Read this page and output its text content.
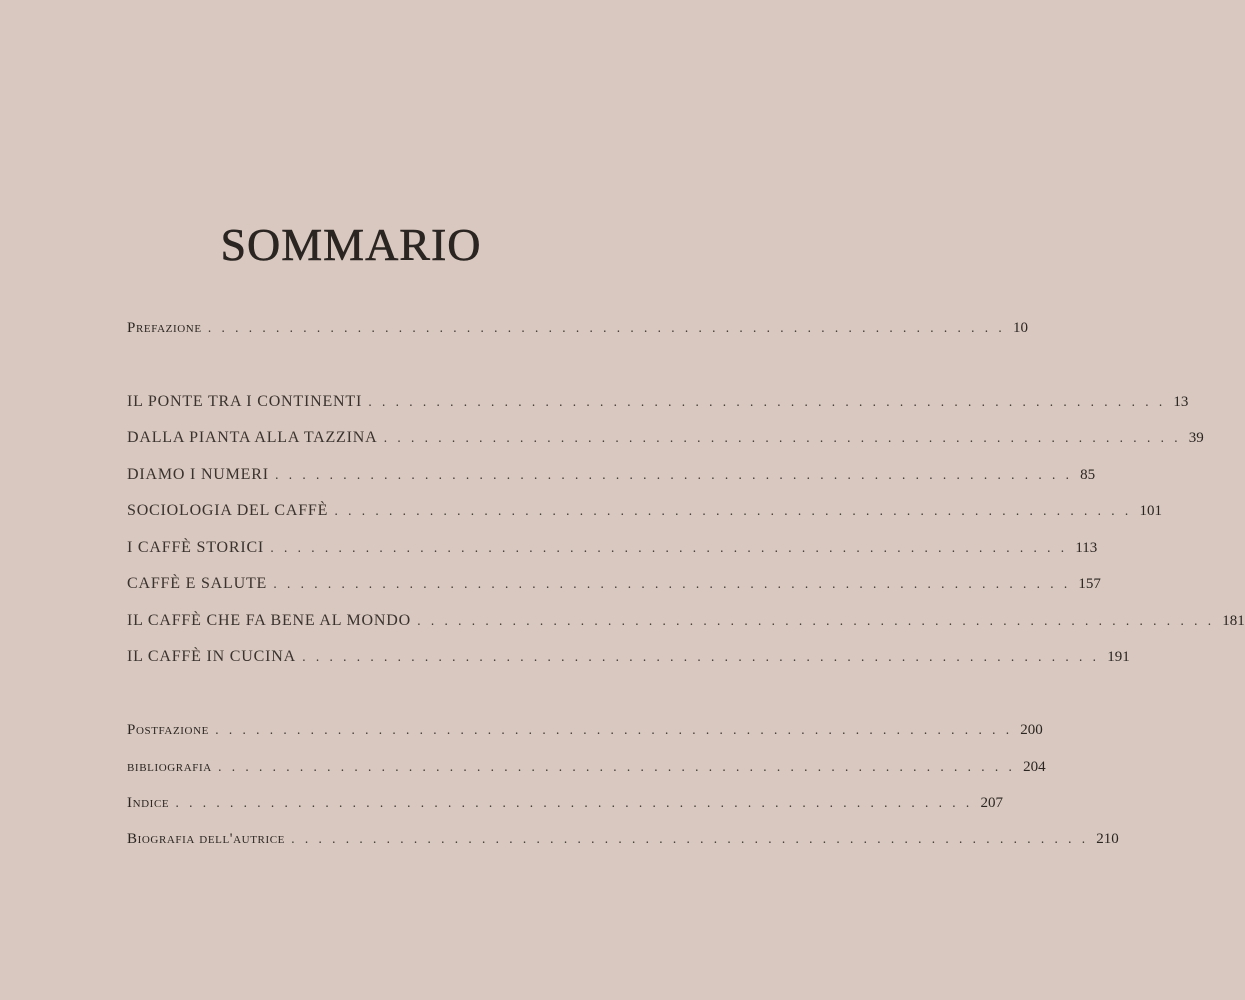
SOMMARIO
Prefazione . . . . . . . . . . . . . . . . . . . . . . . . . . . . . . . . . . . . . . . . . . . . . . . . . . . . . . . . . . . 10
IL PONTE TRA I CONTINENTI . . . . . . . . . . . . . . . . . . . . . . . . . . . . . . . . . . . . . . . . . . . . . . . . . . . . . . . . . . . 13
DALLA PIANTA ALLA TAZZINA . . . . . . . . . . . . . . . . . . . . . . . . . . . . . . . . . . . . . . . . . . . . . . . . . . . . . . . . . . . 39
DIAMO I NUMERI . . . . . . . . . . . . . . . . . . . . . . . . . . . . . . . . . . . . . . . . . . . . . . . . . . . . . . . . . . . 85
SOCIOLOGIA DEL CAFFÈ . . . . . . . . . . . . . . . . . . . . . . . . . . . . . . . . . . . . . . . . . . . . . . . . . . . . . . . . . . . 101
I CAFFÈ STORICI . . . . . . . . . . . . . . . . . . . . . . . . . . . . . . . . . . . . . . . . . . . . . . . . . . . . . . . . . . . 113
CAFFÈ E SALUTE . . . . . . . . . . . . . . . . . . . . . . . . . . . . . . . . . . . . . . . . . . . . . . . . . . . . . . . . . . . 157
IL CAFFÈ CHE FA BENE AL MONDO . . . . . . . . . . . . . . . . . . . . . . . . . . . . . . . . . . . . . . . . . . . . . . . . . . . . . . . . . . . 181
IL CAFFÈ IN CUCINA . . . . . . . . . . . . . . . . . . . . . . . . . . . . . . . . . . . . . . . . . . . . . . . . . . . . . . . . . . . 191
Postfazione . . . . . . . . . . . . . . . . . . . . . . . . . . . . . . . . . . . . . . . . . . . . . . . . . . . . . . . . . . . 200
bibliografia . . . . . . . . . . . . . . . . . . . . . . . . . . . . . . . . . . . . . . . . . . . . . . . . . . . . . . . . . . . 204
Indice . . . . . . . . . . . . . . . . . . . . . . . . . . . . . . . . . . . . . . . . . . . . . . . . . . . . . . . . . . . 207
Biografia dell'autrice . . . . . . . . . . . . . . . . . . . . . . . . . . . . . . . . . . . . . . . . . . . . . . . . . . . . . . . . . . . 210
